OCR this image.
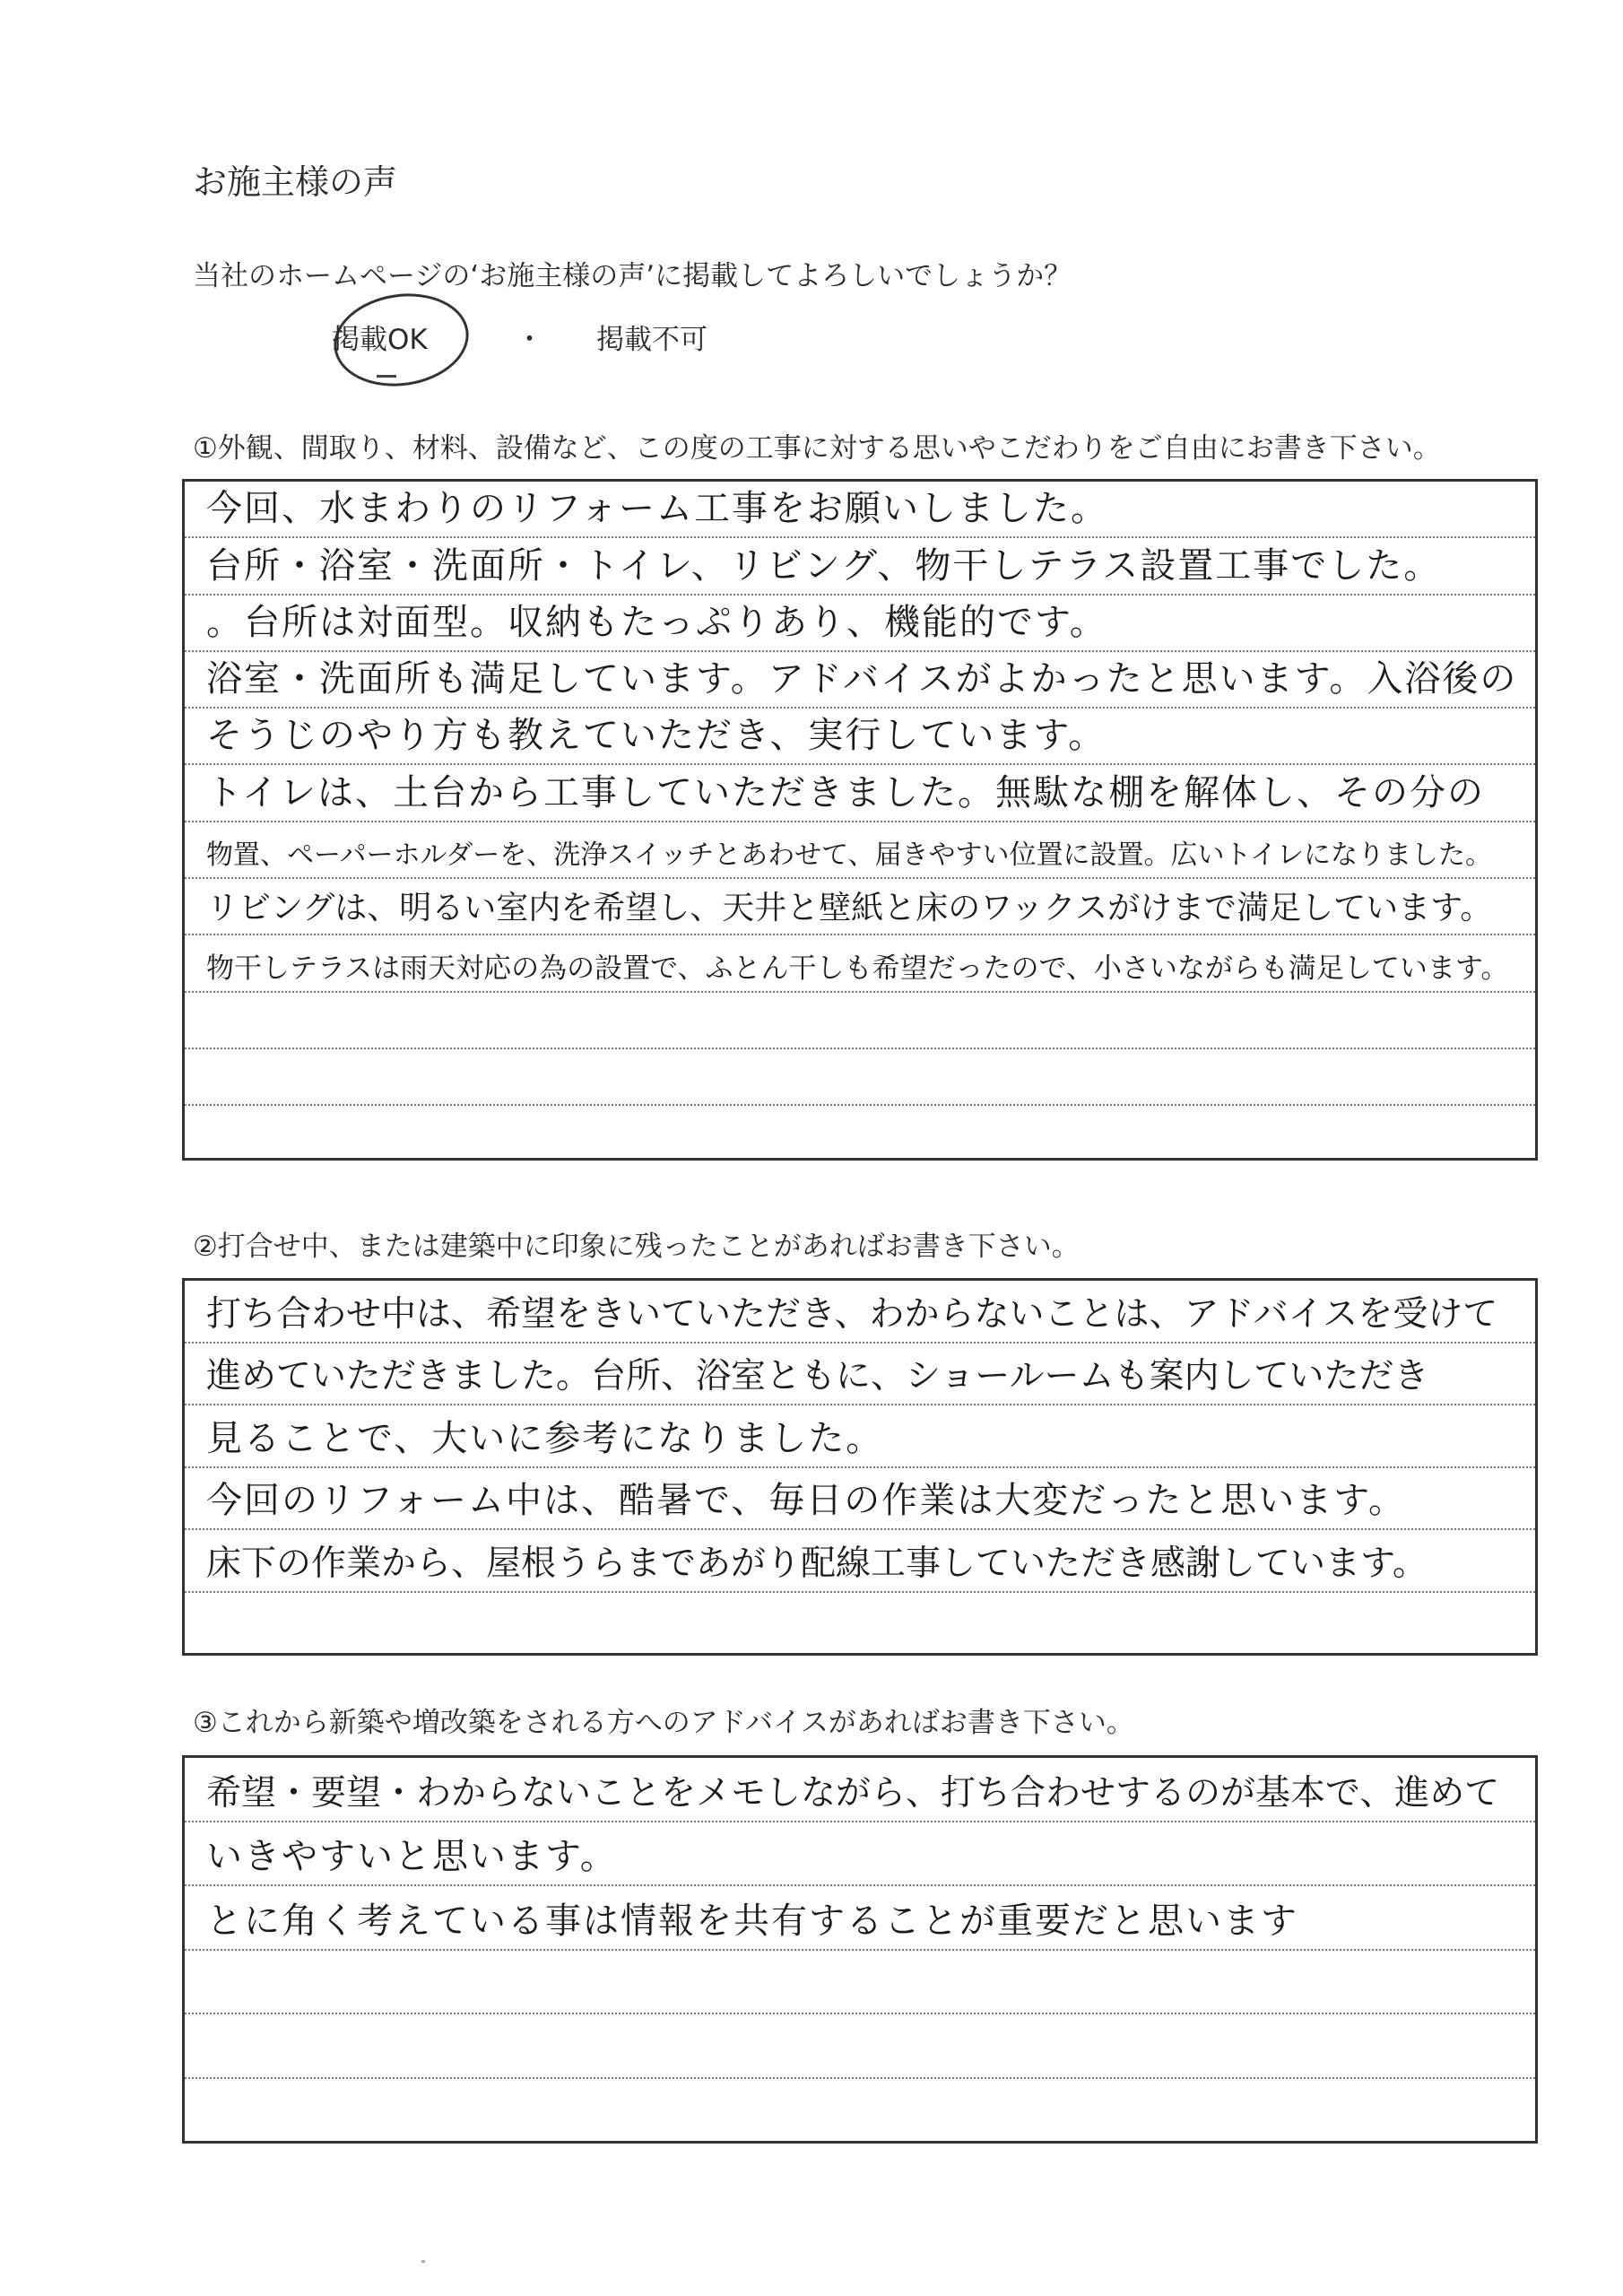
お施主様の声
当社のホームページの‘お施主様の声’に掲載してよろしいでしょうか？
掲載OK	・ 掲載不可
①外観、間取り、材料、設備など、この度の工事に対する思いやこだわりをご自由にお書き下さい。
今回、水まわりのリフォーム工事をお願いしました。
台所・浴室・洗面所・トイレ、リビング、物干しテラス設置工事でした。
。台所は対面型。収納もたっぷりあり、機能的です。
浴室・洗面所も満足しています。アドバイスがよかったと思います。入浴後の
そうじのやり方も教えていただき、実行しています。
トイレは、土台から工事していただきました。無駄な棚を解体し、その分の
物置、ペーパーホルダーを、洗浄スイッチとあわせて、届きやすい位置に設置。広いトイレになりました。
リビングは、明るい室内を希望し、天井と壁紙と床のワックスがけまで満足しています。
物干しテラスは雨天対応の為の設置で、ふとん干しも希望だったので、小さいながらも満足しています。
②打合せ中、または建築中に印象に残ったことがあればお書き下さい。
打ち合わせ中は、希望をきいていただき、わからないことは、アドバイスを受けて
進めていただきました。台所、浴室ともに、ショールームも案内していただき
見ることで、大いに参考になりました。
今回のリフォーム中は、酷暑で、毎日の作業は大変だったと思います。
床下の作業から、屋根うらまであがり配線工事していただき感謝しています。
③これから新築や増改築をされる方へのアドバイスがあればお書き下さい。
希望・要望・わからないことをメモしながら、打ち合わせするのが基本で、進めて
いきやすいと思います。
とに角く考えている事は情報を共有することが重要だと思います
